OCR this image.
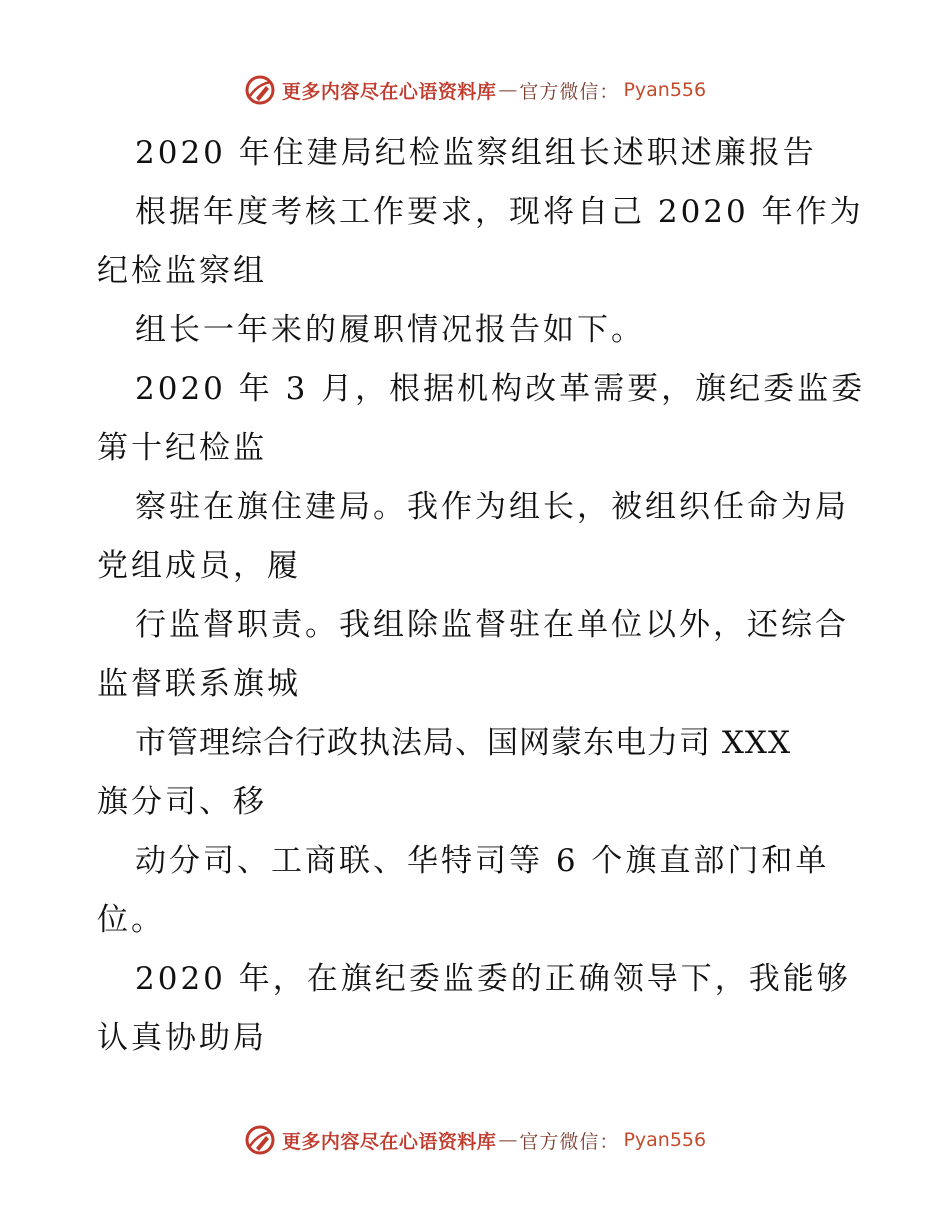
更多内容尽在心语资料库 — 官方微信： Pyan556
2020 年住建局纪检监察组组长述职述廉报告
根据年度考核工作要求，现将自己 2020 年作为
纪检监察组
组长一年来的履职情况报告如下。
2020 年 3 月，根据机构改革需要，旗纪委监委
第十纪检监
察驻在旗住建局。我作为组长，被组织任命为局
党组成员，履
行监督职责。我组除监督驻在单位以外，还综合
监督联系旗城
市管理综合行政执法局、国网蒙东电力司 XXX
旗分司、移
动分司、工商联、华特司等 6 个旗直部门和单
位。
2020 年，在旗纪委监委的正确领导下，我能够
认真协助局
更多内容尽在心语资料库 — 官方微信： Pyan556
